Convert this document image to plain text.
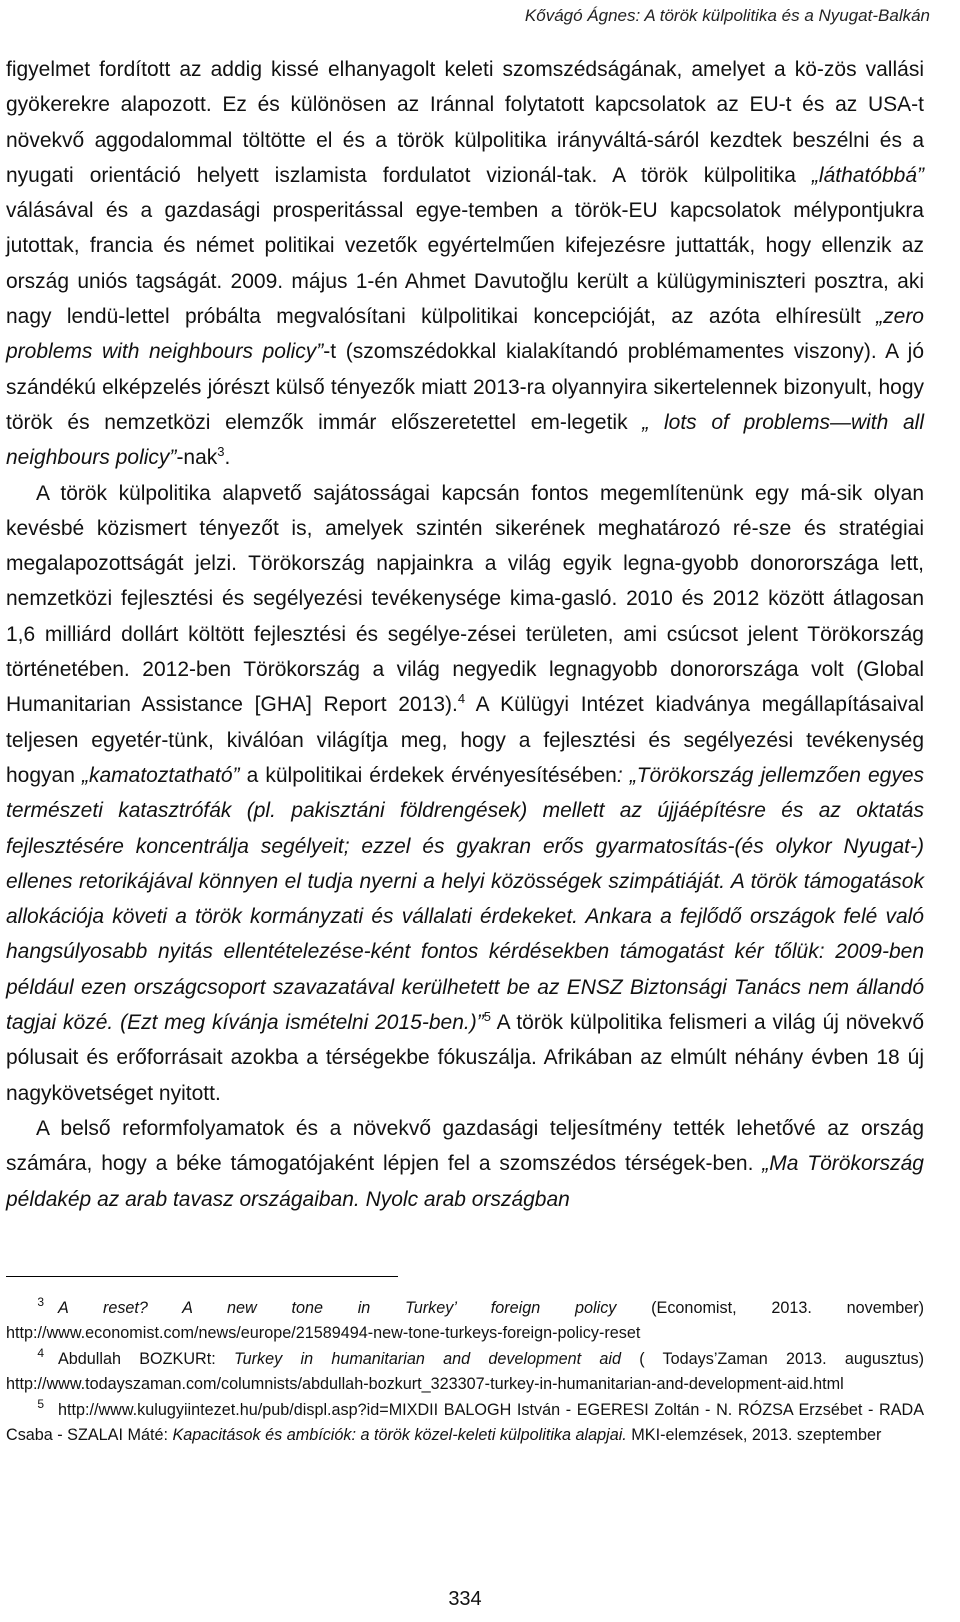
Kővágó Ágnes: A török külpolitika és a Nyugat-Balkán

figyelmet fordított az addig kissé elhanyagolt keleti szomszédságának, amelyet a kö-zös vallási gyökerekre alapozott. Ez és különösen az Iránnal folytatott kapcsolatok az EU-t és az USA-t növekvő aggodalommal töltötte el és a török külpolitika irányváltá-sáról kezdtek beszélni és a nyugati orientáció helyett iszlamista fordulatot vizionál-tak. A török külpolitika „láthatóbbá” válásával és a gazdasági prosperitással egye-temben a török-EU kapcsolatok mélypontjukra jutottak, francia és német politikai vezetők egyértelműen kifejezésre juttatták, hogy ellenzik az ország uniós tagságát. 2009. május 1-én Ahmet Davutoğlu került a külügyminiszteri posztra, aki nagy lendü-lettel próbálta megvalósítani külpolitikai koncepcióját, az azóta elhíresült „zero problems with neighbours policy”-t (szomszédokkal kialakítandó problémamentes viszony). A jó szándékú elképzelés jórészt külső tényezők miatt 2013-ra olyannyira sikertelennek bizonyult, hogy török és nemzetközi elemzők immár előszeretettel em-legetik „ lots of problems—with all neighbours policy”-nak$^3$.

A török külpolitika alapvető sajátosságai kapcsán fontos megemlítenünk egy má-sik olyan kevésbé közismert tényezőt is, amelyek szintén sikerének meghatározó ré-sze és stratégiai megalapozottságát jelzi. Törökország napjainkra a világ egyik legna-gyobb donorországa lett, nemzetközi fejlesztési és segélyezési tevékenysége kima-gasló. 2010 és 2012 között átlagosan 1,6 milliárd dollárt költött fejlesztési és segélye-zései területen, ami csúcsot jelent Törökország történetében. 2012-ben Törökország a világ negyedik legnagyobb donorországa volt (Global Humanitarian Assistance [GHA] Report 2013).$^4$ A Külügyi Intézet kiadványa megállapításaival teljesen egyetér-tünk, kiválóan világítja meg, hogy a fejlesztési és segélyezési tevékenység hogyan „kamatoztatható” a külpolitikai érdekek érvényesítésében: „Törökország jellemzően egyes természeti katasztrófák (pl. pakisztáni földrengések) mellett az újjáépítésre és az oktatás fejlesztésére koncentrálja segélyeit; ezzel és gyakran erős gyarmatosítás-(és olykor Nyugat-) ellenes retorikájával könnyen el tudja nyerni a helyi közösségek szimpátiáját. A török támogatások allokációja követi a török kormányzati és vállalati érdekeket. Ankara a fejlődő országok felé való hangsúlyosabb nyitás ellentételezése-ként fontos kérdésekben támogatást kér tőlük: 2009-ben például ezen országcsoport szavazatával kerülhetett be az ENSZ Biztonsági Tanács nem állandó tagjai közé. (Ezt meg kívánja ismételni 2015-ben.)”$^5$ A török külpolitika felismeri a világ új növekvő pólusait és erőforrásait azokba a térségekbe fókuszálja. Afrikában az elmúlt néhány évben 18 új nagykövetséget nyitott.

A belső reformfolyamatok és a növekvő gazdasági teljesítmény tették lehetővé az ország számára, hogy a béke támogatójaként lépjen fel a szomszédos térségek-ben. „Ma Törökország példakép az arab tavasz országaiban. Nyolc arab országban

3 A reset? A new tone in Turkey’ foreign policy (Economist, 2013. november) http://www.economist.com/news/europe/21589494-new-tone-turkeys-foreign-policy-reset

4 Abdullah BOZKURt: Turkey in humanitarian and development aid ( Todays’Zaman 2013. augusztus) http://www.todayszaman.com/columnists/abdullah-bozkurt_323307-turkey-in-humanitarian-and-development-aid.html

5 http://www.kulugyiintezet.hu/pub/displ.asp?id=MIXDII BALOGH István - EGERESI Zoltán - N. RÓZSA Erzsébet - RADA Csaba - SZALAI Máté: Kapacitások és ambíciók: a török közel-keleti külpolitika alapjai. MKI-elemzések, 2013. szeptember

334
